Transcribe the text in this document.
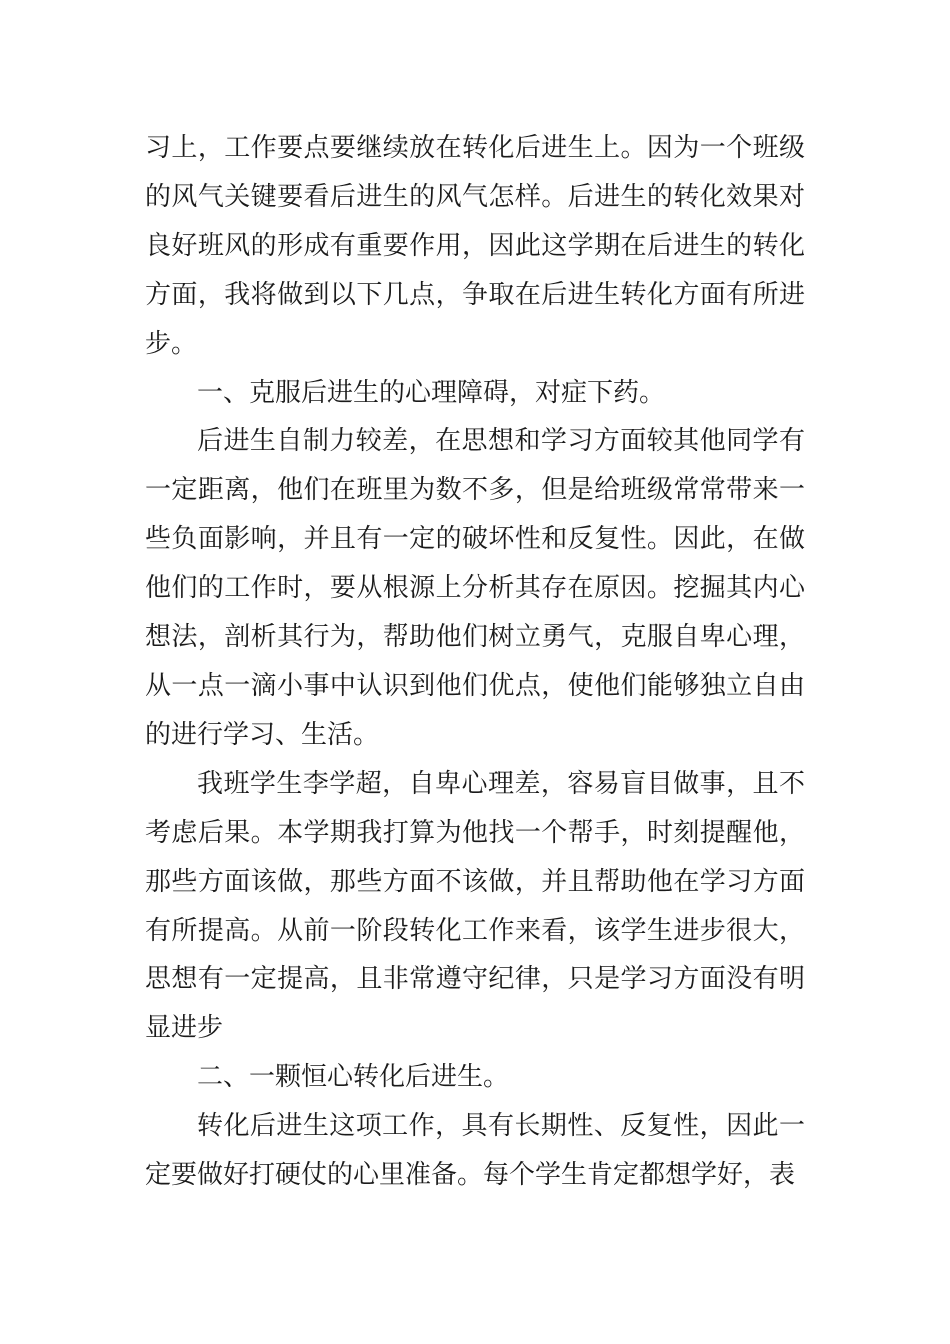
习上，工作要点要继续放在转化后进生上。因为一个班级的风气关键要看后进生的风气怎样。后进生的转化效果对良好班风的形成有重要作用，因此这学期在后进生的转化方面，我将做到以下几点，争取在后进生转化方面有所进步。

一、克服后进生的心理障碍，对症下药。

后进生自制力较差，在思想和学习方面较其他同学有一定距离，他们在班里为数不多，但是给班级常常带来一些负面影响，并且有一定的破坏性和反复性。因此，在做他们的工作时，要从根源上分析其存在原因。挖掘其内心想法，剖析其行为，帮助他们树立勇气，克服自卑心理，从一点一滴小事中认识到他们优点，使他们能够独立自由的进行学习、生活。

我班学生李学超，自卑心理差，容易盲目做事，且不考虑后果。本学期我打算为他找一个帮手，时刻提醒他，那些方面该做，那些方面不该做，并且帮助他在学习方面有所提高。从前一阶段转化工作来看，该学生进步很大，思想有一定提高，且非常遵守纪律，只是学习方面没有明显进步

二、一颗恒心转化后进生。

转化后进生这项工作，具有长期性、反复性，因此一定要做好打硬仗的心里准备。每个学生肯定都想学好，表
